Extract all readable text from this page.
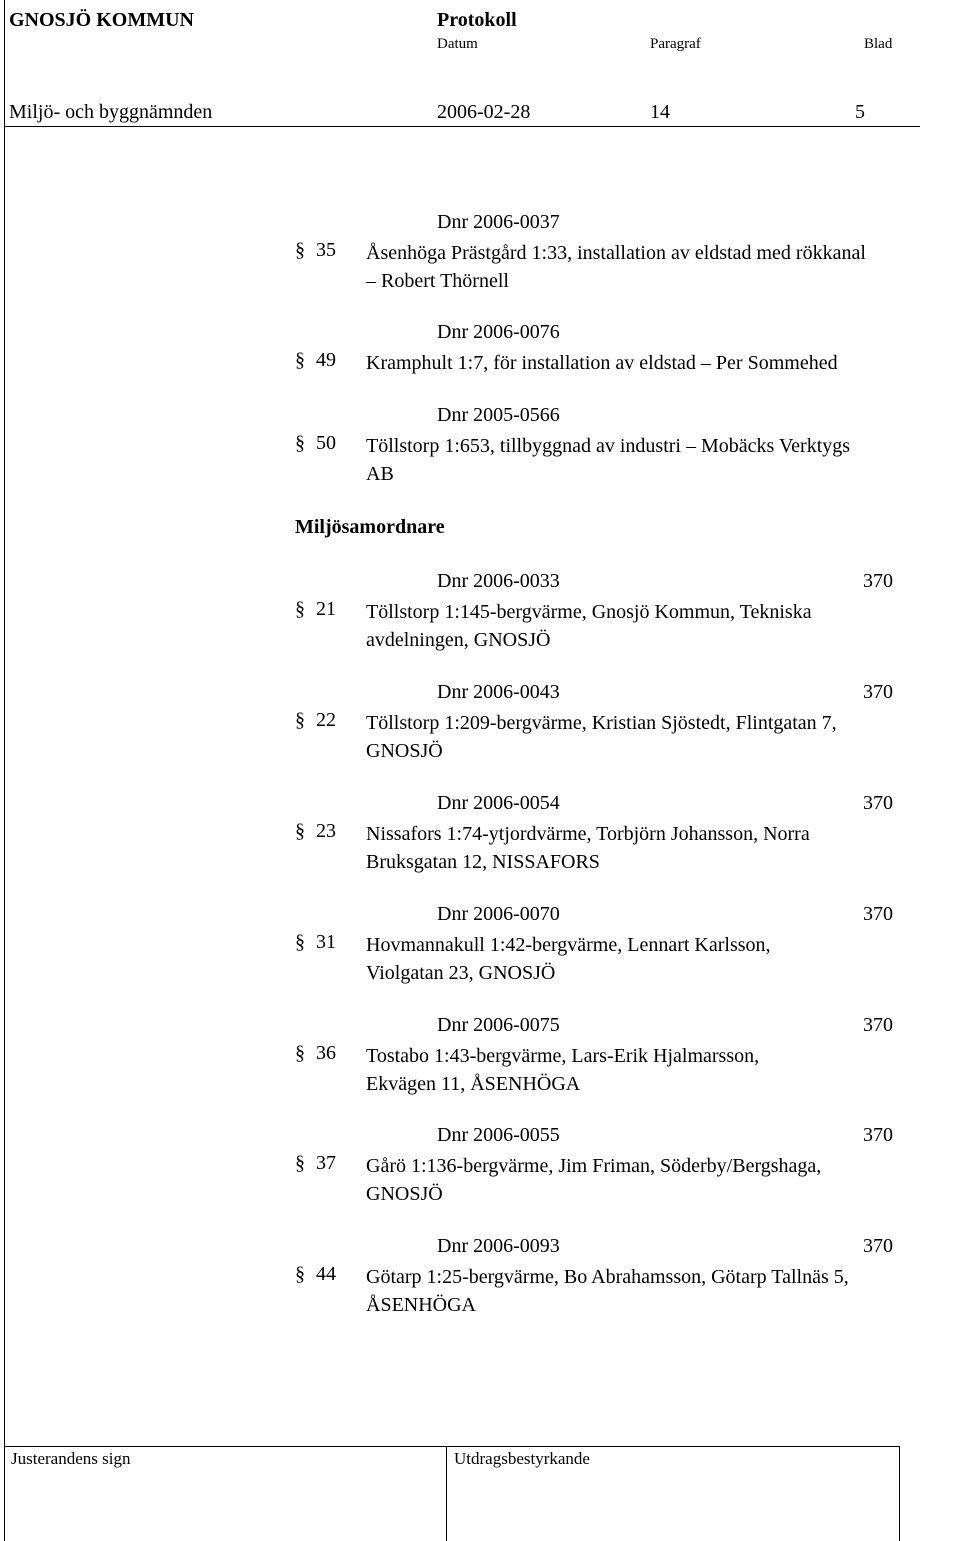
GNOSJÖ KOMMUN	Protokoll
Datum	Paragraf	Blad
Miljö- och byggnämnden	2006-02-28	14	5
Dnr 2006-0037
§ 35 Åsenhöga Prästgård 1:33, installation av eldstad med rökkanal
– Robert Thörnell
Dnr 2006-0076
§ 49 Kramphult 1:7, för installation av eldstad – Per Sommehed
Dnr 2005-0566
§ 50 Töllstorp 1:653, tillbyggnad av industri – Mobäcks Verktygs
AB
Miljösamordnare
Dnr 2006-0033	370
§ 21 Töllstorp 1:145-bergvärme, Gnosjö Kommun, Tekniska
avdelningen, GNOSJÖ
Dnr 2006-0043	370
§ 22 Töllstorp 1:209-bergvärme, Kristian Sjöstedt, Flintgatan 7,
GNOSJÖ
Dnr 2006-0054	370
§ 23 Nissafors 1:74-ytjordvärme, Torbjörn Johansson, Norra
Bruksgatan 12, NISSAFORS
Dnr 2006-0070	370
§ 31 Hovmannakull 1:42-bergvärme, Lennart Karlsson,
Violgatan 23, GNOSJÖ
Dnr 2006-0075	370
§ 36 Tostabo 1:43-bergvärme, Lars-Erik Hjalmarsson,
Ekvägen 11, ÅSENHÖGA
Dnr 2006-0055	370
§ 37 Gårö 1:136-bergvärme, Jim Friman, Söderby/Bergshaga,
GNOSJÖ
Dnr 2006-0093	370
§ 44 Götarp 1:25-bergvärme, Bo Abrahamsson, Götarp Tallnäs 5,
ÅSENHÖGA
Justerandens sign	Utdragsbestyrkande
